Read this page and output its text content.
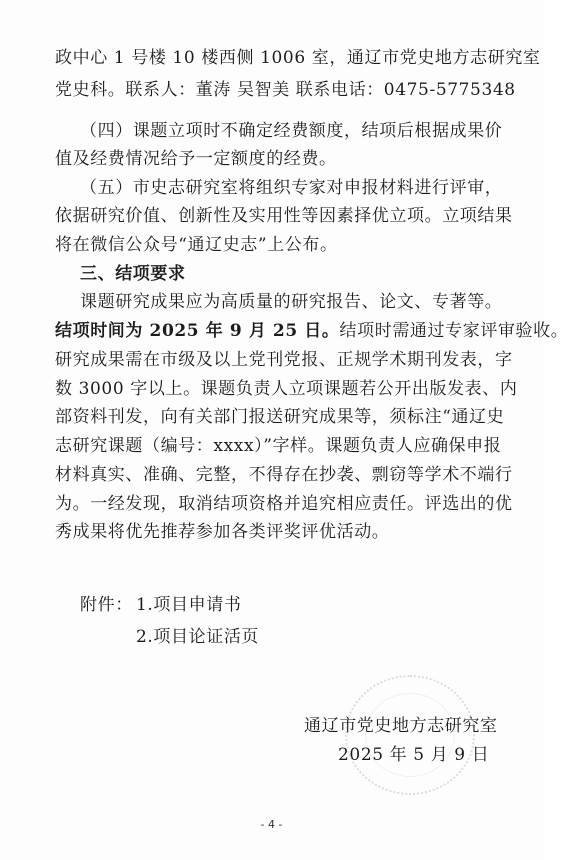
政中心 1 号楼 10 楼西侧 1006 室，通辽市党史地方志研究室
党史科。联系人：董涛 吴智美 联系电话：0475-5775348
（四）课题立项时不确定经费额度，结项后根据成果价
值及经费情况给予一定额度的经费。
（五）市史志研究室将组织专家对申报材料进行评审，
依据研究价值、创新性及实用性等因素择优立项。立项结果
将在微信公众号“通辽史志”上公布。
三、结项要求
课题研究成果应为高质量的研究报告、论文、专著等。
结项时间为 2025 年 9 月 25 日。结项时需通过专家评审验收。
研究成果需在市级及以上党刊党报、正规学术期刊发表，字
数 3000 字以上。课题负责人立项课题若公开出版发表、内
部资料刊发，向有关部门报送研究成果等，须标注“通辽史
志研究课题（编号：xxxx）”字样。课题负责人应确保申报
材料真实、准确、完整，不得存在抄袭、剽窃等学术不端行
为。一经发现，取消结项资格并追究相应责任。评选出的优
秀成果将优先推荐参加各类评奖评优活动。
附件： 1.项目申请书
2.项目论证活页
通辽市党史地方志研究室
2025 年 5 月 9 日
- 4 -
